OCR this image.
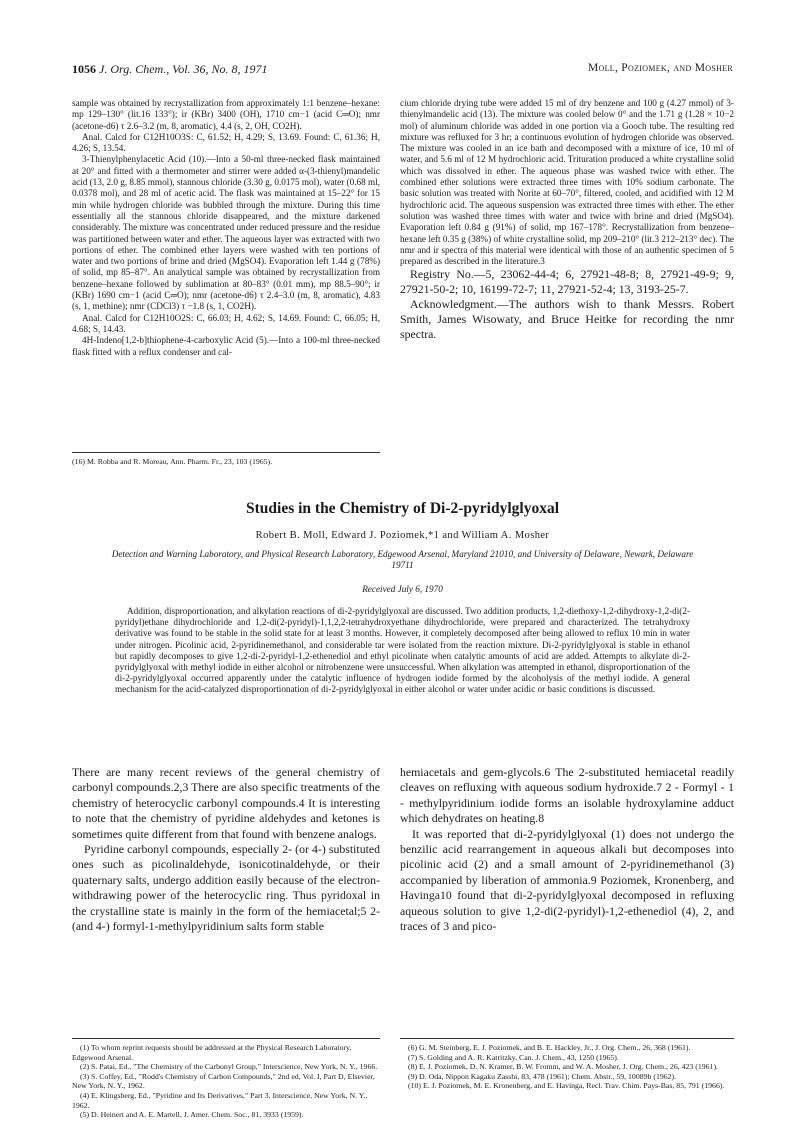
1056 J. Org. Chem., Vol. 36, No. 8, 1971	Moll, Poziomek, and Mosher

sample was obtained by recrystallization from approximately 1:1 benzene–hexane: mp 129–130° (lit.16 133°); ir (KBr) 3400 (OH), 1710 cm−1 (acid C═O); nmr (acetone-d6) τ 2.6–3.2 (m, 8, aromatic), 4.4 (s, 2, OH, CO2H).

Anal. Calcd for C12H10O3S: C, 61.52; H, 4.29; S, 13.69. Found: C, 61.36; H, 4.26; S, 13.54.

3-Thienylphenylacetic Acid (10).—Into a 50-ml three-necked flask maintained at 20° and fitted with a thermometer and stirrer were added α-(3-thienyl)mandelic acid (13, 2.0 g, 8.85 mmol), stannous chloride (3.30 g, 0.0175 mol), water (0.68 ml, 0.0378 mol), and 28 ml of acetic acid. The flask was maintained at 15–22° for 15 min while hydrogen chloride was bubbled through the mixture. During this time essentially all the stannous chloride disappeared, and the mixture darkened considerably. The mixture was concentrated under reduced pressure and the residue was partitioned between water and ether. The aqueous layer was extracted with two portions of ether. The combined ether layers were washed with ten portions of water and two portions of brine and dried (MgSO4). Evaporation left 1.44 g (78%) of solid, mp 85–87°. An analytical sample was obtained by recrystallization from benzene–hexane followed by sublimation at 80–83° (0.01 mm), mp 88.5–90°; ir (KBr) 1690 cm−1 (acid C═O); nmr (acetone-d6) τ 2.4–3.0 (m, 8, aromatic), 4.83 (s, 1, methine); nmr (CDCl3) τ −1.8 (s, 1, CO2H).

Anal. Calcd for C12H10O2S: C, 66.03; H, 4.62; S, 14.69. Found: C, 66.05; H, 4.68; S, 14.43.

4H-Indeno[1,2-b]thiophene-4-carboxylic Acid (5).—Into a 100-ml three-necked flask fitted with a reflux condenser and cal-

(16) M. Robba and R. Moreau, Ann. Pharm. Fr., 23, 103 (1965).

cium chloride drying tube were added 15 ml of dry benzene and 100 g (4.27 mmol) of 3-thienylmandelic acid (13). The mixture was cooled below 0° and the 1.71 g (1.28 × 10−2 mol) of aluminum chloride was added in one portion via a Gooch tube. The resulting red mixture was refluxed for 3 hr; a continuous evolution of hydrogen chloride was observed. The mixture was cooled in an ice bath and decomposed with a mixture of ice, 10 ml of water, and 5.6 ml of 12 M hydrochloric acid. Trituration produced a white crystalline solid which was dissolved in ether. The aqueous phase was washed twice with ether. The combined ether solutions were extracted three times with 10% sodium carbonate. The basic solution was treated with Norite at 60–70°, filtered, cooled, and acidified with 12 M hydrochloric acid. The aqueous suspension was extracted three times with ether. The ether solution was washed three times with water and twice with brine and dried (MgSO4). Evaporation left 0.84 g (91%) of solid, mp 167–178°. Recrystallization from benzene–hexane left 0.35 g (38%) of white crystalline solid, mp 209–210° (lit.3 212–213° dec). The nmr and ir spectra of this material were identical with those of an authentic specimen of 5 prepared as described in the literature.3

Registry No.—5, 23062-44-4; 6, 27921-48-8; 8, 27921-49-9; 9, 27921-50-2; 10, 16199-72-7; 11, 27921-52-4; 13, 3193-25-7.

Acknowledgment.—The authors wish to thank Messrs. Robert Smith, James Wisowaty, and Bruce Heitke for recording the nmr spectra.

Studies in the Chemistry of Di-2-pyridylglyoxal
Robert B. Moll, Edward J. Poziomek,*1 and William A. Mosher
Detection and Warning Laboratory, and Physical Research Laboratory, Edgewood Arsenal, Maryland 21010, and University of Delaware, Newark, Delaware 19711
Received July 6, 1970
Addition, disproportionation, and alkylation reactions of di-2-pyridylglyoxal are discussed. Two addition products, 1,2-diethoxy-1,2-dihydroxy-1,2-di(2-pyridyl)ethane dihydrochloride and 1,2-di(2-pyridyl)-1,1,2,2-tetrahydroxyethane dihydrochloride, were prepared and characterized. The tetrahydroxy derivative was found to be stable in the solid state for at least 3 months. However, it completely decomposed after being allowed to reflux 10 min in water under nitrogen. Picolinic acid, 2-pyridinemethanol, and considerable tar were isolated from the reaction mixture. Di-2-pyridylglyoxal is stable in ethanol but rapidly decomposes to give 1,2-di-2-pyridyl-1,2-ethenediol and ethyl picolinate when catalytic amounts of acid are added. Attempts to alkylate di-2-pyridylglyoxal with methyl iodide in either alcohol or nitrobenzene were unsuccessful. When alkylation was attempted in ethanol, disproportionation of the di-2-pyridylglyoxal occurred apparently under the catalytic influence of hydrogen iodide formed by the alcoholysis of the methyl iodide. A general mechanism for the acid-catalyzed disproportionation of di-2-pyridylglyoxal in either alcohol or water under acidic or basic conditions is discussed.

There are many recent reviews of the general chemistry of carbonyl compounds.2,3 There are also specific treatments of the chemistry of heterocyclic carbonyl compounds.4 It is interesting to note that the chemistry of pyridine aldehydes and ketones is sometimes quite different from that found with benzene analogs.

Pyridine carbonyl compounds, especially 2- (or 4-) substituted ones such as picolinaldehyde, isonicotinaldehyde, or their quaternary salts, undergo addition easily because of the electron-withdrawing power of the heterocyclic ring. Thus pyridoxal in the crystalline state is mainly in the form of the hemiacetal;5 2- (and 4-) formyl-1-methylpyridinium salts form stable

hemiacetals and gem-glycols.6 The 2-substituted hemiacetal readily cleaves on refluxing with aqueous sodium hydroxide.7 2 - Formyl - 1 - methylpyridinium iodide forms an isolable hydroxylamine adduct which dehydrates on heating.8

It was reported that di-2-pyridylglyoxal (1) does not undergo the benzilic acid rearrangement in aqueous alkali but decomposes into picolinic acid (2) and a small amount of 2-pyridinemethanol (3) accompanied by liberation of ammonia.9 Poziomek, Kronenberg, and Havinga10 found that di-2-pyridylglyoxal decomposed in refluxing aqueous solution to give 1,2-di(2-pyridyl)-1,2-ethenediol (4), 2, and traces of 3 and pico-

(1) To whom reprint requests should be addressed at the Physical Research Laboratory, Edgewood Arsenal.
(2) S. Patai, Ed., "The Chemistry of the Carbonyl Group," Interscience, New York, N. Y., 1966.
(3) S. Coffey, Ed., "Rodd's Chemistry of Carbon Compounds," 2nd ed, Vol. I, Part D, Elsevier, New York, N. Y., 1962.
(4) E. Klingsberg, Ed., "Pyridine and Its Derivatives," Part 3, Interscience, New York, N. Y., 1962.
(5) D. Heinert and A. E. Martell, J. Amer. Chem. Soc., 81, 3933 (1959).
(6) G. M. Steinberg, E. J. Poziomek, and B. E. Hackley, Jr., J. Org. Chem., 26, 368 (1961).
(7) S. Golding and A. R. Katritzky, Can. J. Chem., 43, 1250 (1965).
(8) E. J. Poziomek, D. N. Kramer, B. W. Fromm, and W. A. Mosher, J. Org. Chem., 26, 423 (1961).
(9) D. Oda, Nippon Kagaku Zasshi, 83, 478 (1961); Chem. Abstr., 59, 10089b (1962).
(10) E. J. Poziomek, M. E. Kronenberg, and E. Havinga, Recl. Trav. Chim. Pays-Bas, 85, 791 (1966).
